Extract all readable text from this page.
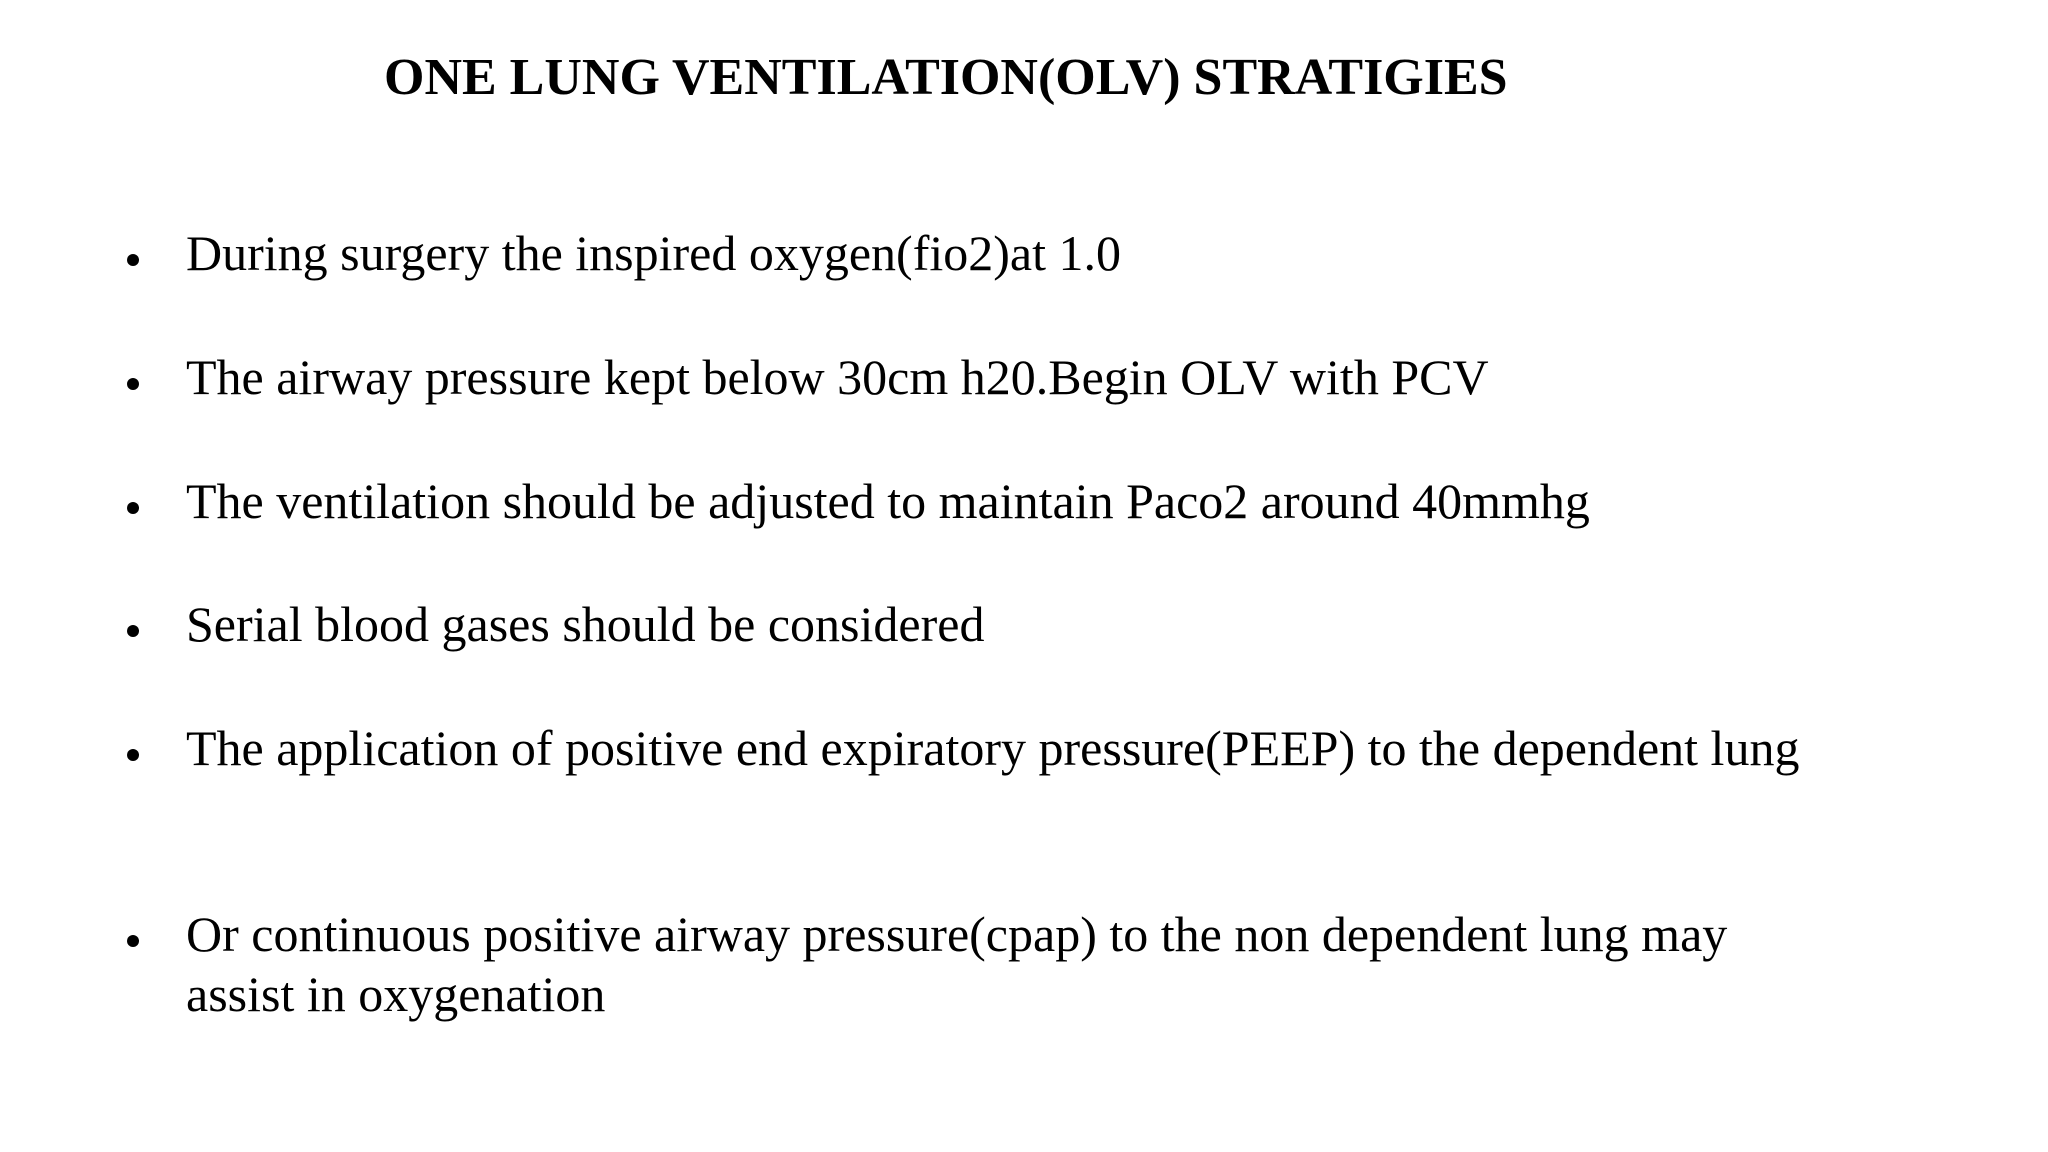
ONE LUNG VENTILATION(OLV) STRATIGIES

During surgery the inspired oxygen(fio2)at 1.0

The airway pressure kept below 30cm h20.Begin OLV with PCV

The ventilation should be adjusted to maintain Paco2 around 40mmhg

Serial blood gases should be considered

The application of positive end expiratory pressure(PEEP) to the dependent lung

Or continuous positive airway pressure(cpap) to the non dependent lung may assist in oxygenation
